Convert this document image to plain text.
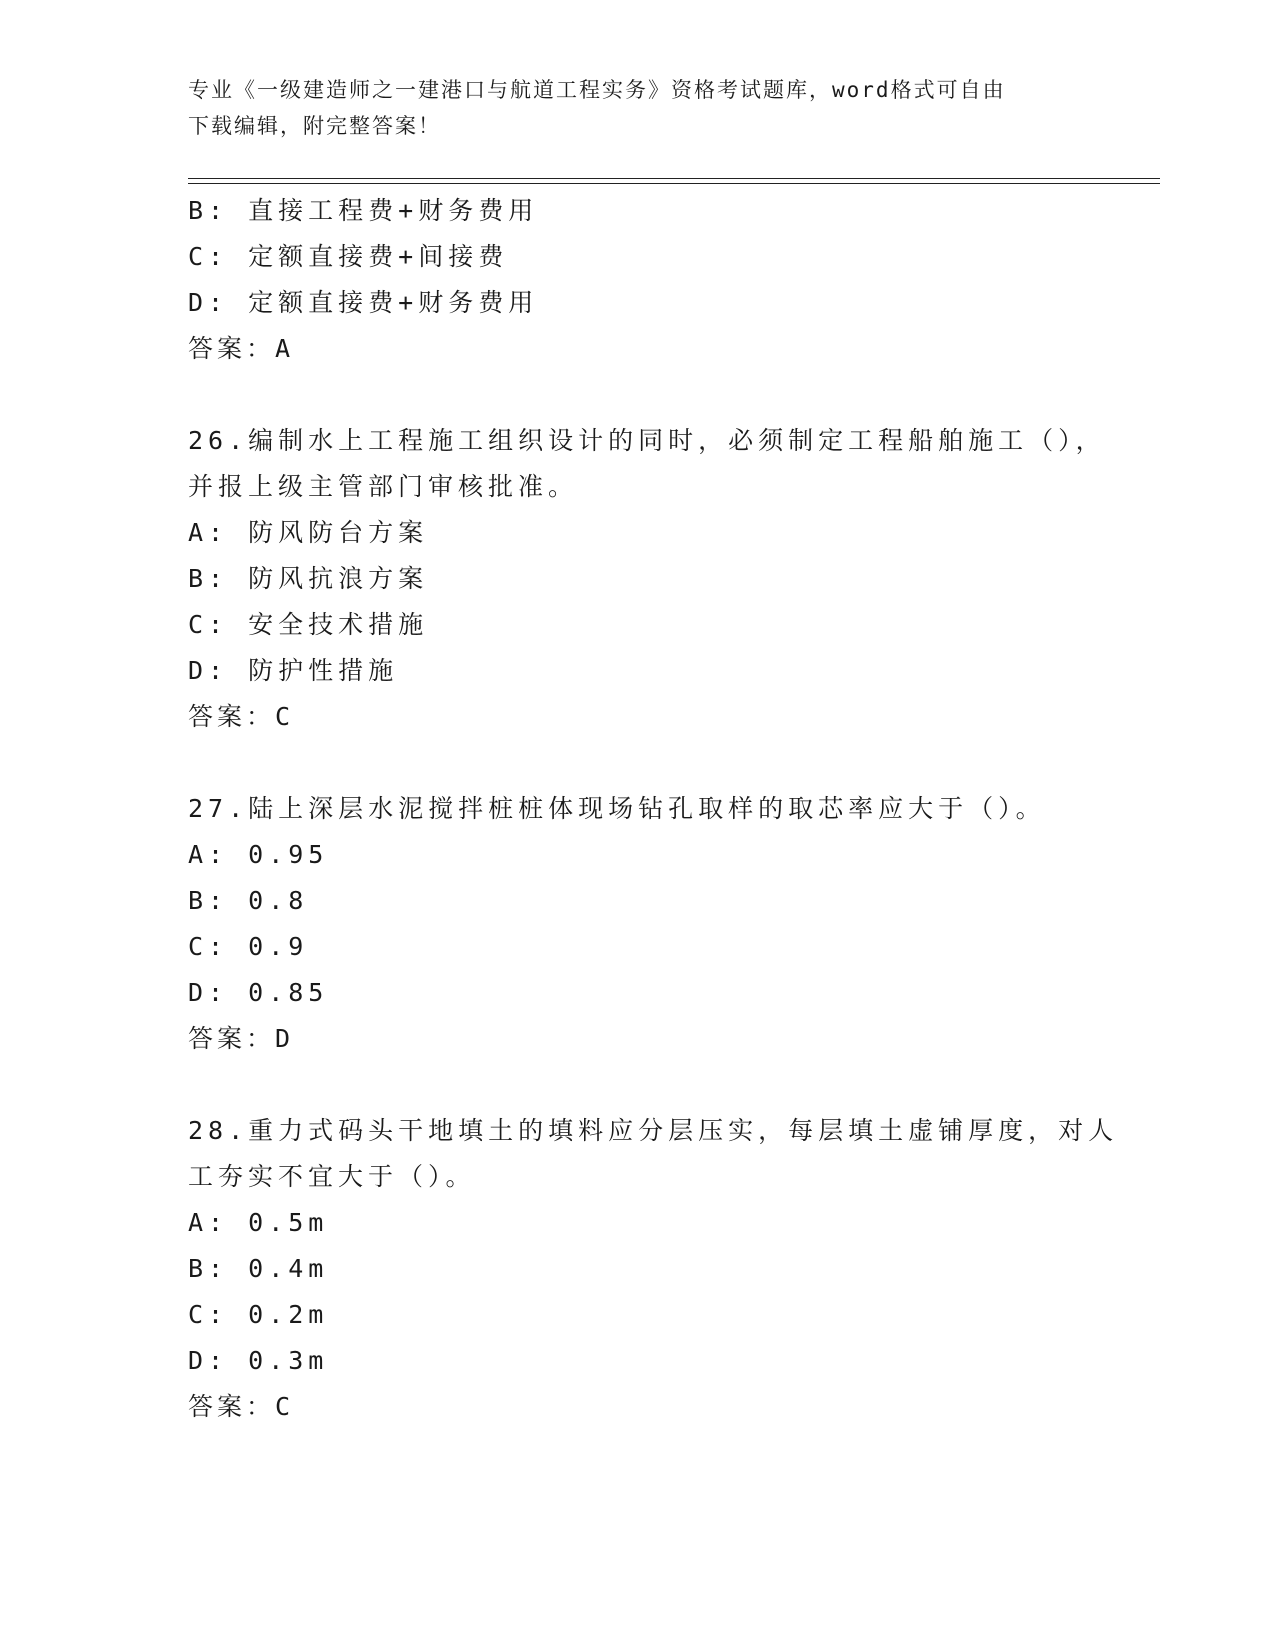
专业《一级建造师之一建港口与航道工程实务》资格考试题库，word格式可自由
下载编辑，附完整答案！
B: 直接工程费+财务费用
C: 定额直接费+间接费
D: 定额直接费+财务费用
答案：A
26.编制水上工程施工组织设计的同时，必须制定工程船舶施工（），
并报上级主管部门审核批准。
A: 防风防台方案
B: 防风抗浪方案
C: 安全技术措施
D: 防护性措施
答案：C
27.陆上深层水泥搅拌桩桩体现场钻孔取样的取芯率应大于（）。
A: 0.95
B: 0.8
C: 0.9
D: 0.85
答案：D
28.重力式码头干地填土的填料应分层压实，每层填土虚铺厚度，对人
工夯实不宜大于（）。
A: 0.5m
B: 0.4m
C: 0.2m
D: 0.3m
答案：C
